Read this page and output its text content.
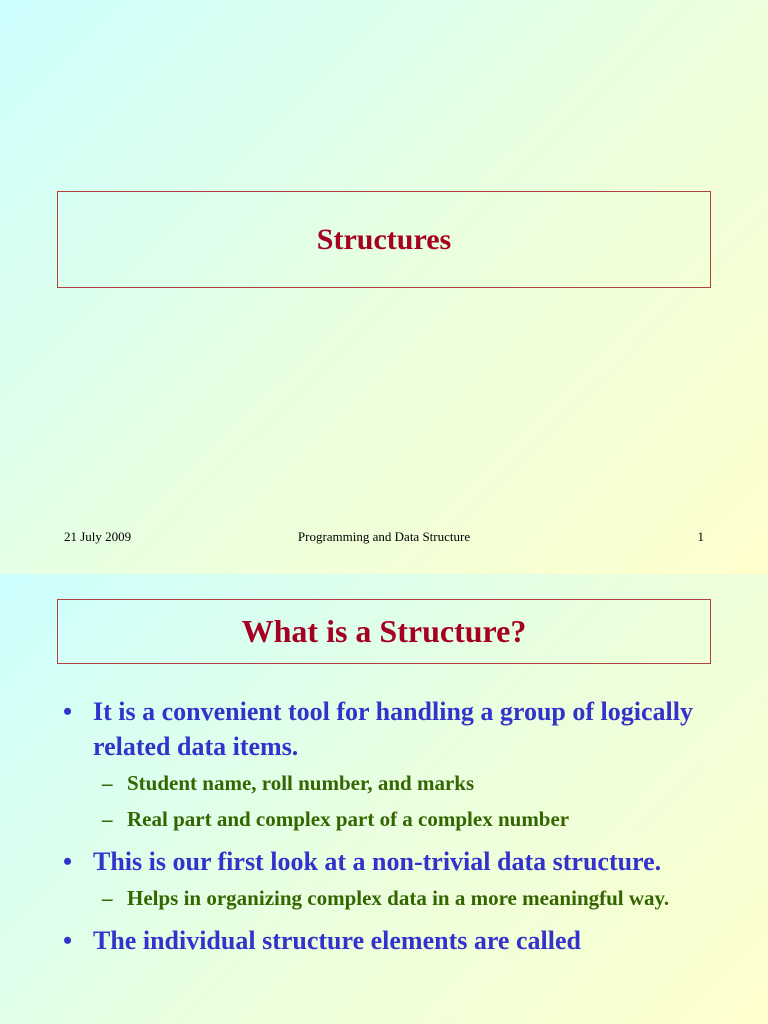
Structures
21 July 2009	Programming and Data Structure	1
What is a Structure?
• It is a convenient tool for handling a group of logically related data items.
– Student name, roll number, and marks
– Real part and complex part of a complex number
• This is our first look at a non-trivial data structure.
– Helps in organizing complex data in a more meaningful way.
• The individual structure elements are called
